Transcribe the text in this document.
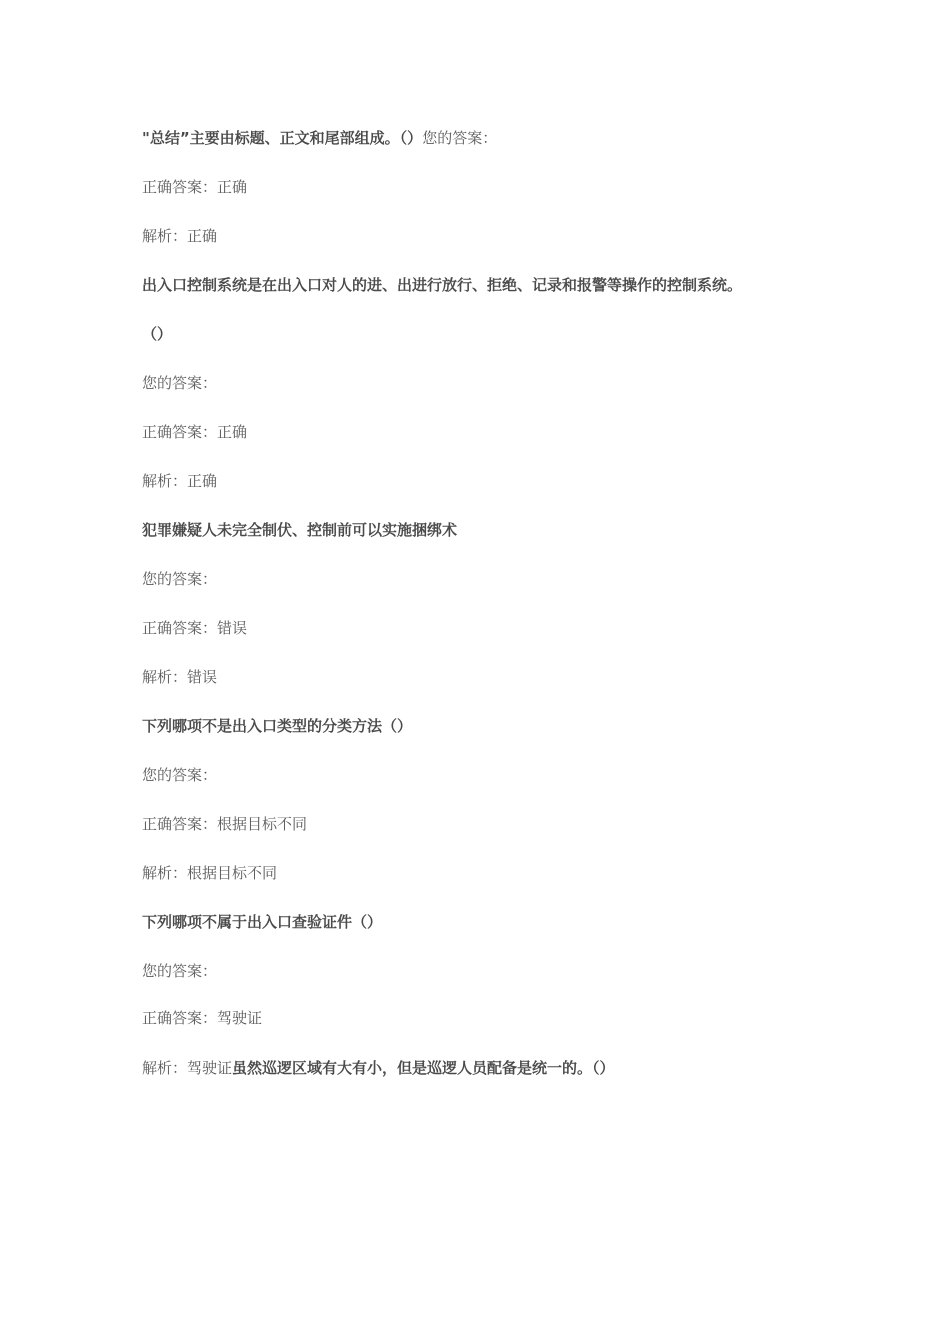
"总结”主要由标题、正文和尾部组成。（）您的答案：
正确答案：正确
解析：正确
出入口控制系统是在出入口对人的进、出进行放行、拒绝、记录和报警等操作的控制系统。
（）
您的答案：
正确答案：正确
解析：正确
犯罪嫌疑人未完全制伏、控制前可以实施捆绑术
您的答案：
正确答案：错误
解析：错误
下列哪项不是出入口类型的分类方法（）
您的答案：
正确答案：根据目标不同
解析：根据目标不同
下列哪项不属于出入口查验证件（）
您的答案：
正确答案：驾驶证
解析：驾驶证虽然巡逻区域有大有小，但是巡逻人员配备是统一的。（）
